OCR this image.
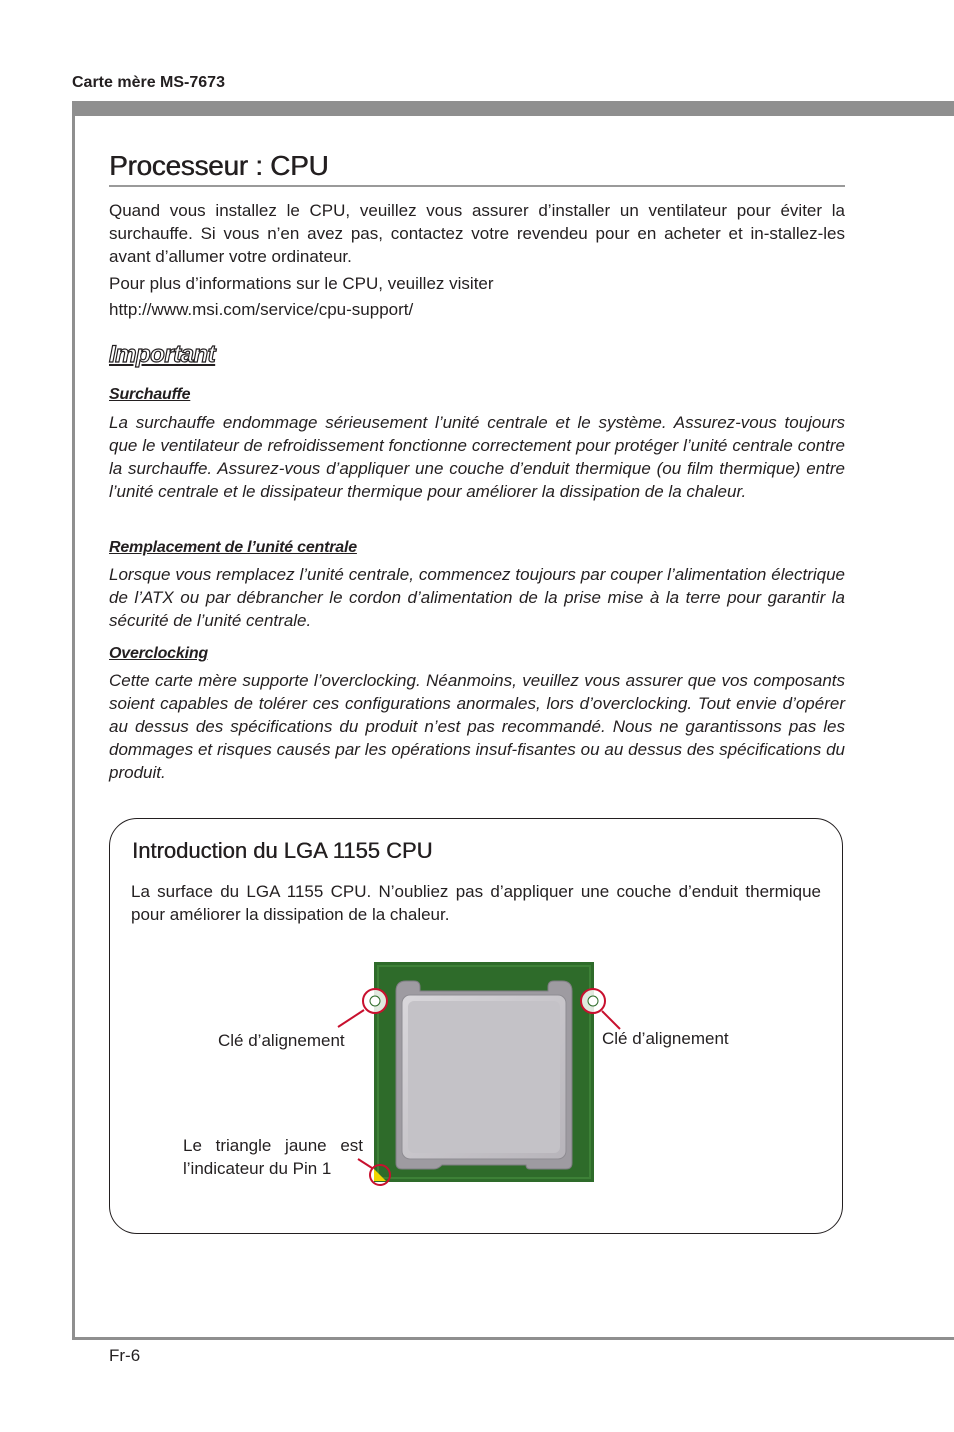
Carte mère MS-7673
Processeur : CPU

Quand vous installez le CPU, veuillez vous assurer d’installer un ventilateur pour éviter la surchauffe. Si vous n’en avez pas, contactez votre revendeu pour en acheter et in-stallez-les avant d’allumer votre ordinateur.

Pour plus d’informations sur le CPU, veuillez visiter

http://www.msi.com/service/cpu-support/

Important
Surchauffe

La surchauffe endommage sérieusement l’unité centrale et le système. Assurez-vous toujours que le ventilateur de refroidissement fonctionne correctement pour protéger l’unité centrale contre la surchauffe. Assurez-vous d’appliquer une couche d’enduit thermique (ou film thermique) entre l’unité centrale et le dissipateur thermique pour améliorer la dissipation de la chaleur.

Remplacement de l’unité centrale

Lorsque vous remplacez l’unité centrale, commencez toujours par couper l’alimentation électrique de l’ATX ou par débrancher le cordon d’alimentation de la prise mise à la terre pour garantir la sécurité de l’unité centrale.

Overclocking

Cette carte mère supporte l’overclocking. Néanmoins, veuillez vous assurer que vos composants soient capables de tolérer ces configurations anormales, lors d’overclocking. Tout envie d’opérer au dessus des spécifications du produit n’est pas recommandé. Nous ne garantissons pas les dommages et risques causés par les opérations insuf-fisantes ou au dessus des spécifications du produit.

Introduction du LGA 1155 CPU

La surface du LGA 1155 CPU. N’oubliez pas d’appliquer une couche d’enduit thermique pour améliorer la dissipation de la chaleur.

Clé d’alignement	Clé d’alignement

Le triangle jaune est l’indicateur du Pin 1

Fr-6
